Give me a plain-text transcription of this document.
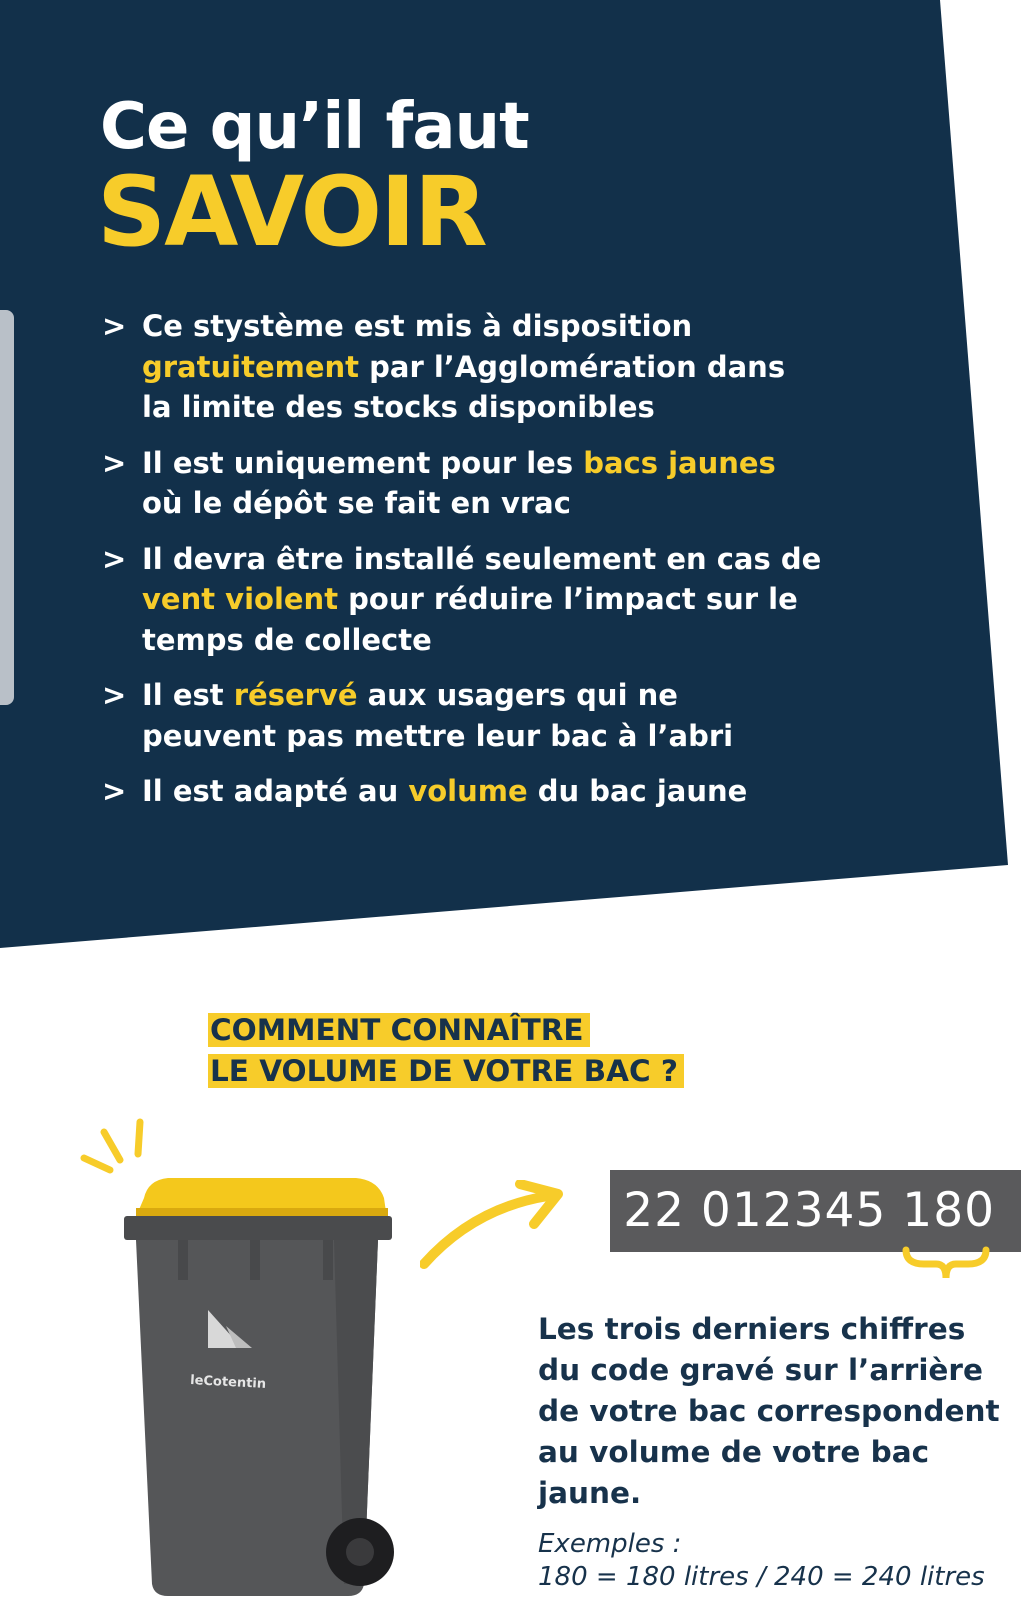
Ce qu’il faut
SAVOIR
> Ce stystème est mis à disposition gratuitement par l’Agglomération dans la limite des stocks disponibles
> Il est uniquement pour les bacs jaunes où le dépôt se fait en vrac
> Il devra être installé seulement en cas de vent violent pour réduire l’impact sur le temps de collecte
> Il est réservé aux usagers qui ne peuvent pas mettre leur bac à l’abri
> Il est adapté au volume du bac jaune
COMMENT CONNAÎTRE
LE VOLUME DE VOTRE BAC ?
leCotentin
22 012345 180

Les trois derniers chiffres du code gravé sur l’arrière de votre bac correspondent au volume de votre bac jaune.

Exemples :

180 = 180 litres / 240 = 240 litres
